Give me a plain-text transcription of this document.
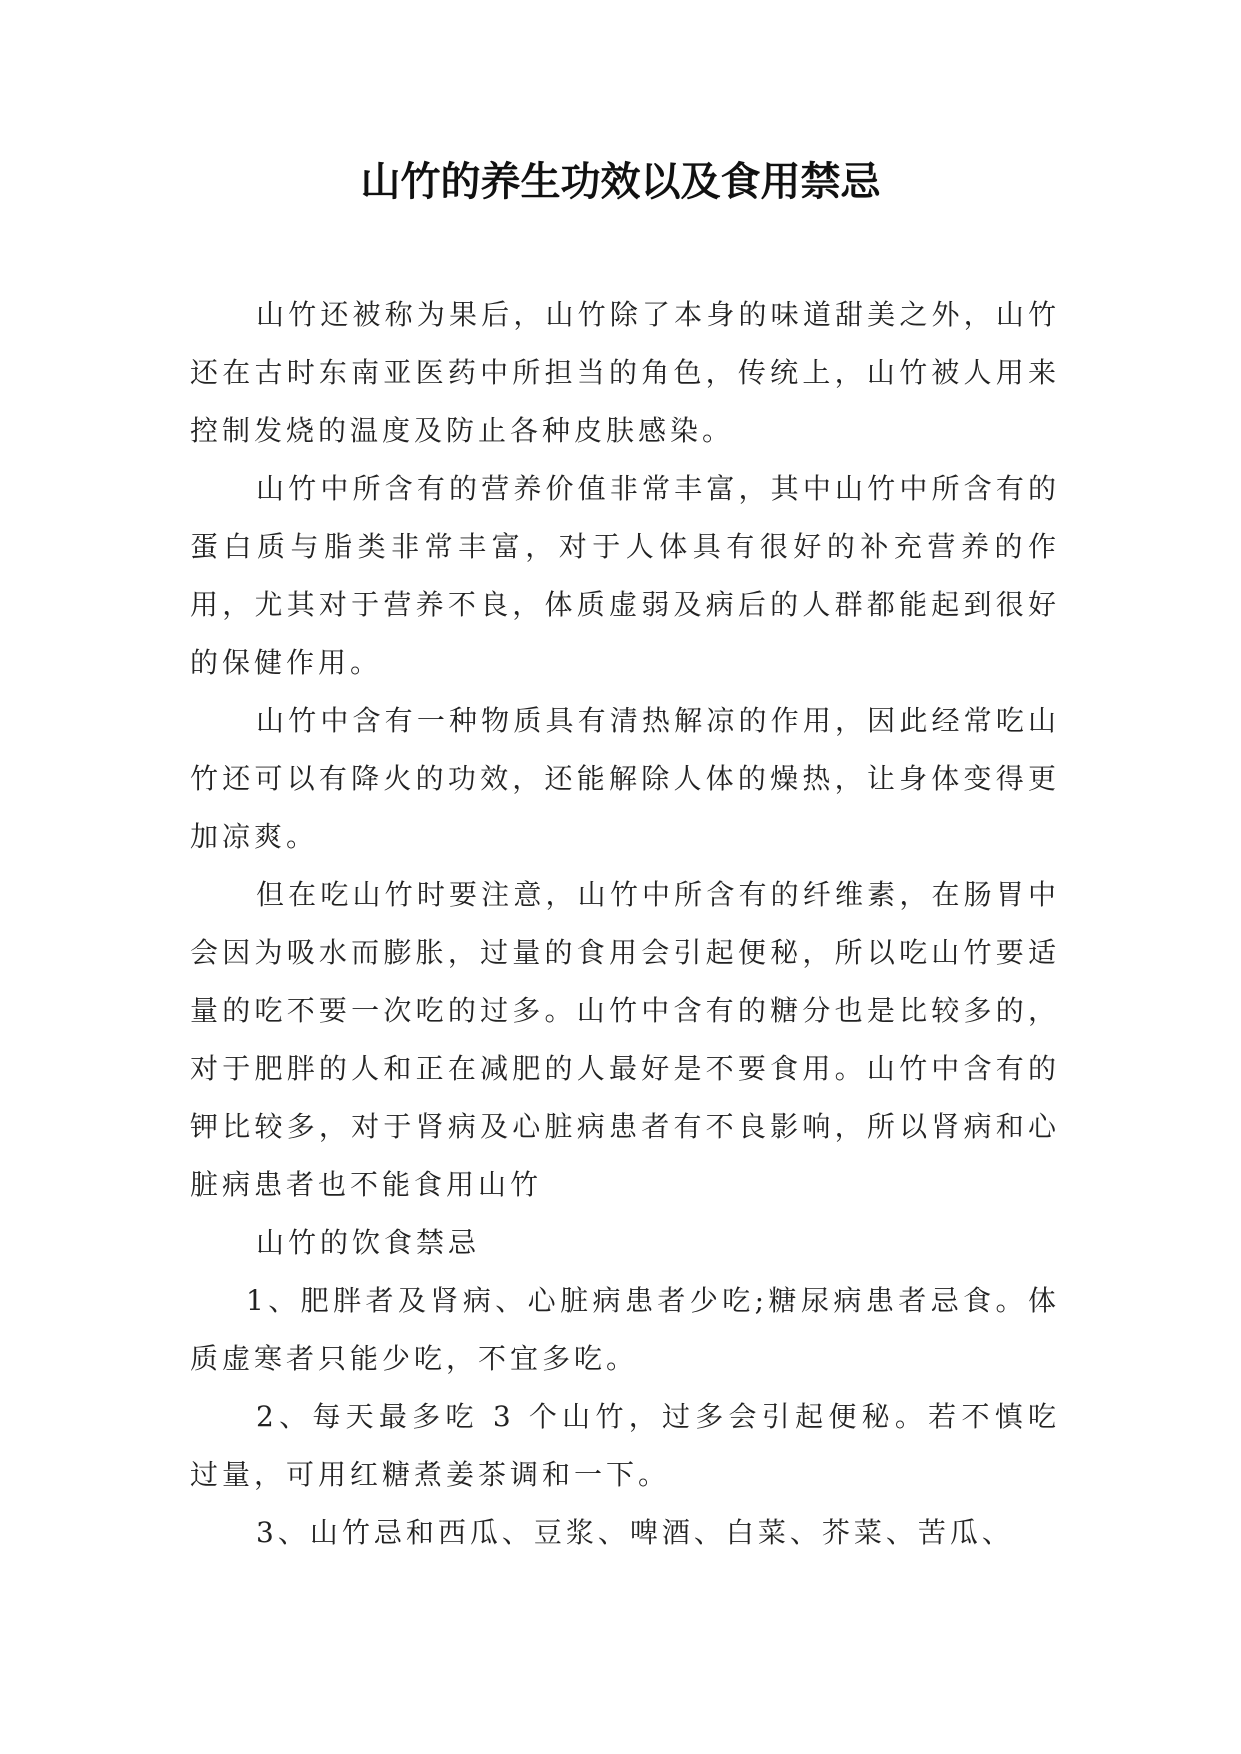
山竹的养生功效以及食用禁忌

山竹还被称为果后，山竹除了本身的味道甜美之外，山竹还在古时东南亚医药中所担当的角色，传统上，山竹被人用来控制发烧的温度及防止各种皮肤感染。

山竹中所含有的营养价值非常丰富，其中山竹中所含有的蛋白质与脂类非常丰富，对于人体具有很好的补充营养的作用，尤其对于营养不良，体质虚弱及病后的人群都能起到很好的保健作用。

山竹中含有一种物质具有清热解凉的作用，因此经常吃山竹还可以有降火的功效，还能解除人体的燥热，让身体变得更加凉爽。

但在吃山竹时要注意，山竹中所含有的纤维素，在肠胃中会因为吸水而膨胀，过量的食用会引起便秘，所以吃山竹要适量的吃不要一次吃的过多。山竹中含有的糖分也是比较多的，对于肥胖的人和正在减肥的人最好是不要食用。山竹中含有的钾比较多，对于肾病及心脏病患者有不良影响，所以肾病和心脏病患者也不能食用山竹

山竹的饮食禁忌

1、肥胖者及肾病、心脏病患者少吃;糖尿病患者忌食。体质虚寒者只能少吃，不宜多吃。

2、每天最多吃 3 个山竹，过多会引起便秘。若不慎吃过量，可用红糖煮姜茶调和一下。

3、山竹忌和西瓜、豆浆、啤酒、白菜、芥菜、苦瓜、
